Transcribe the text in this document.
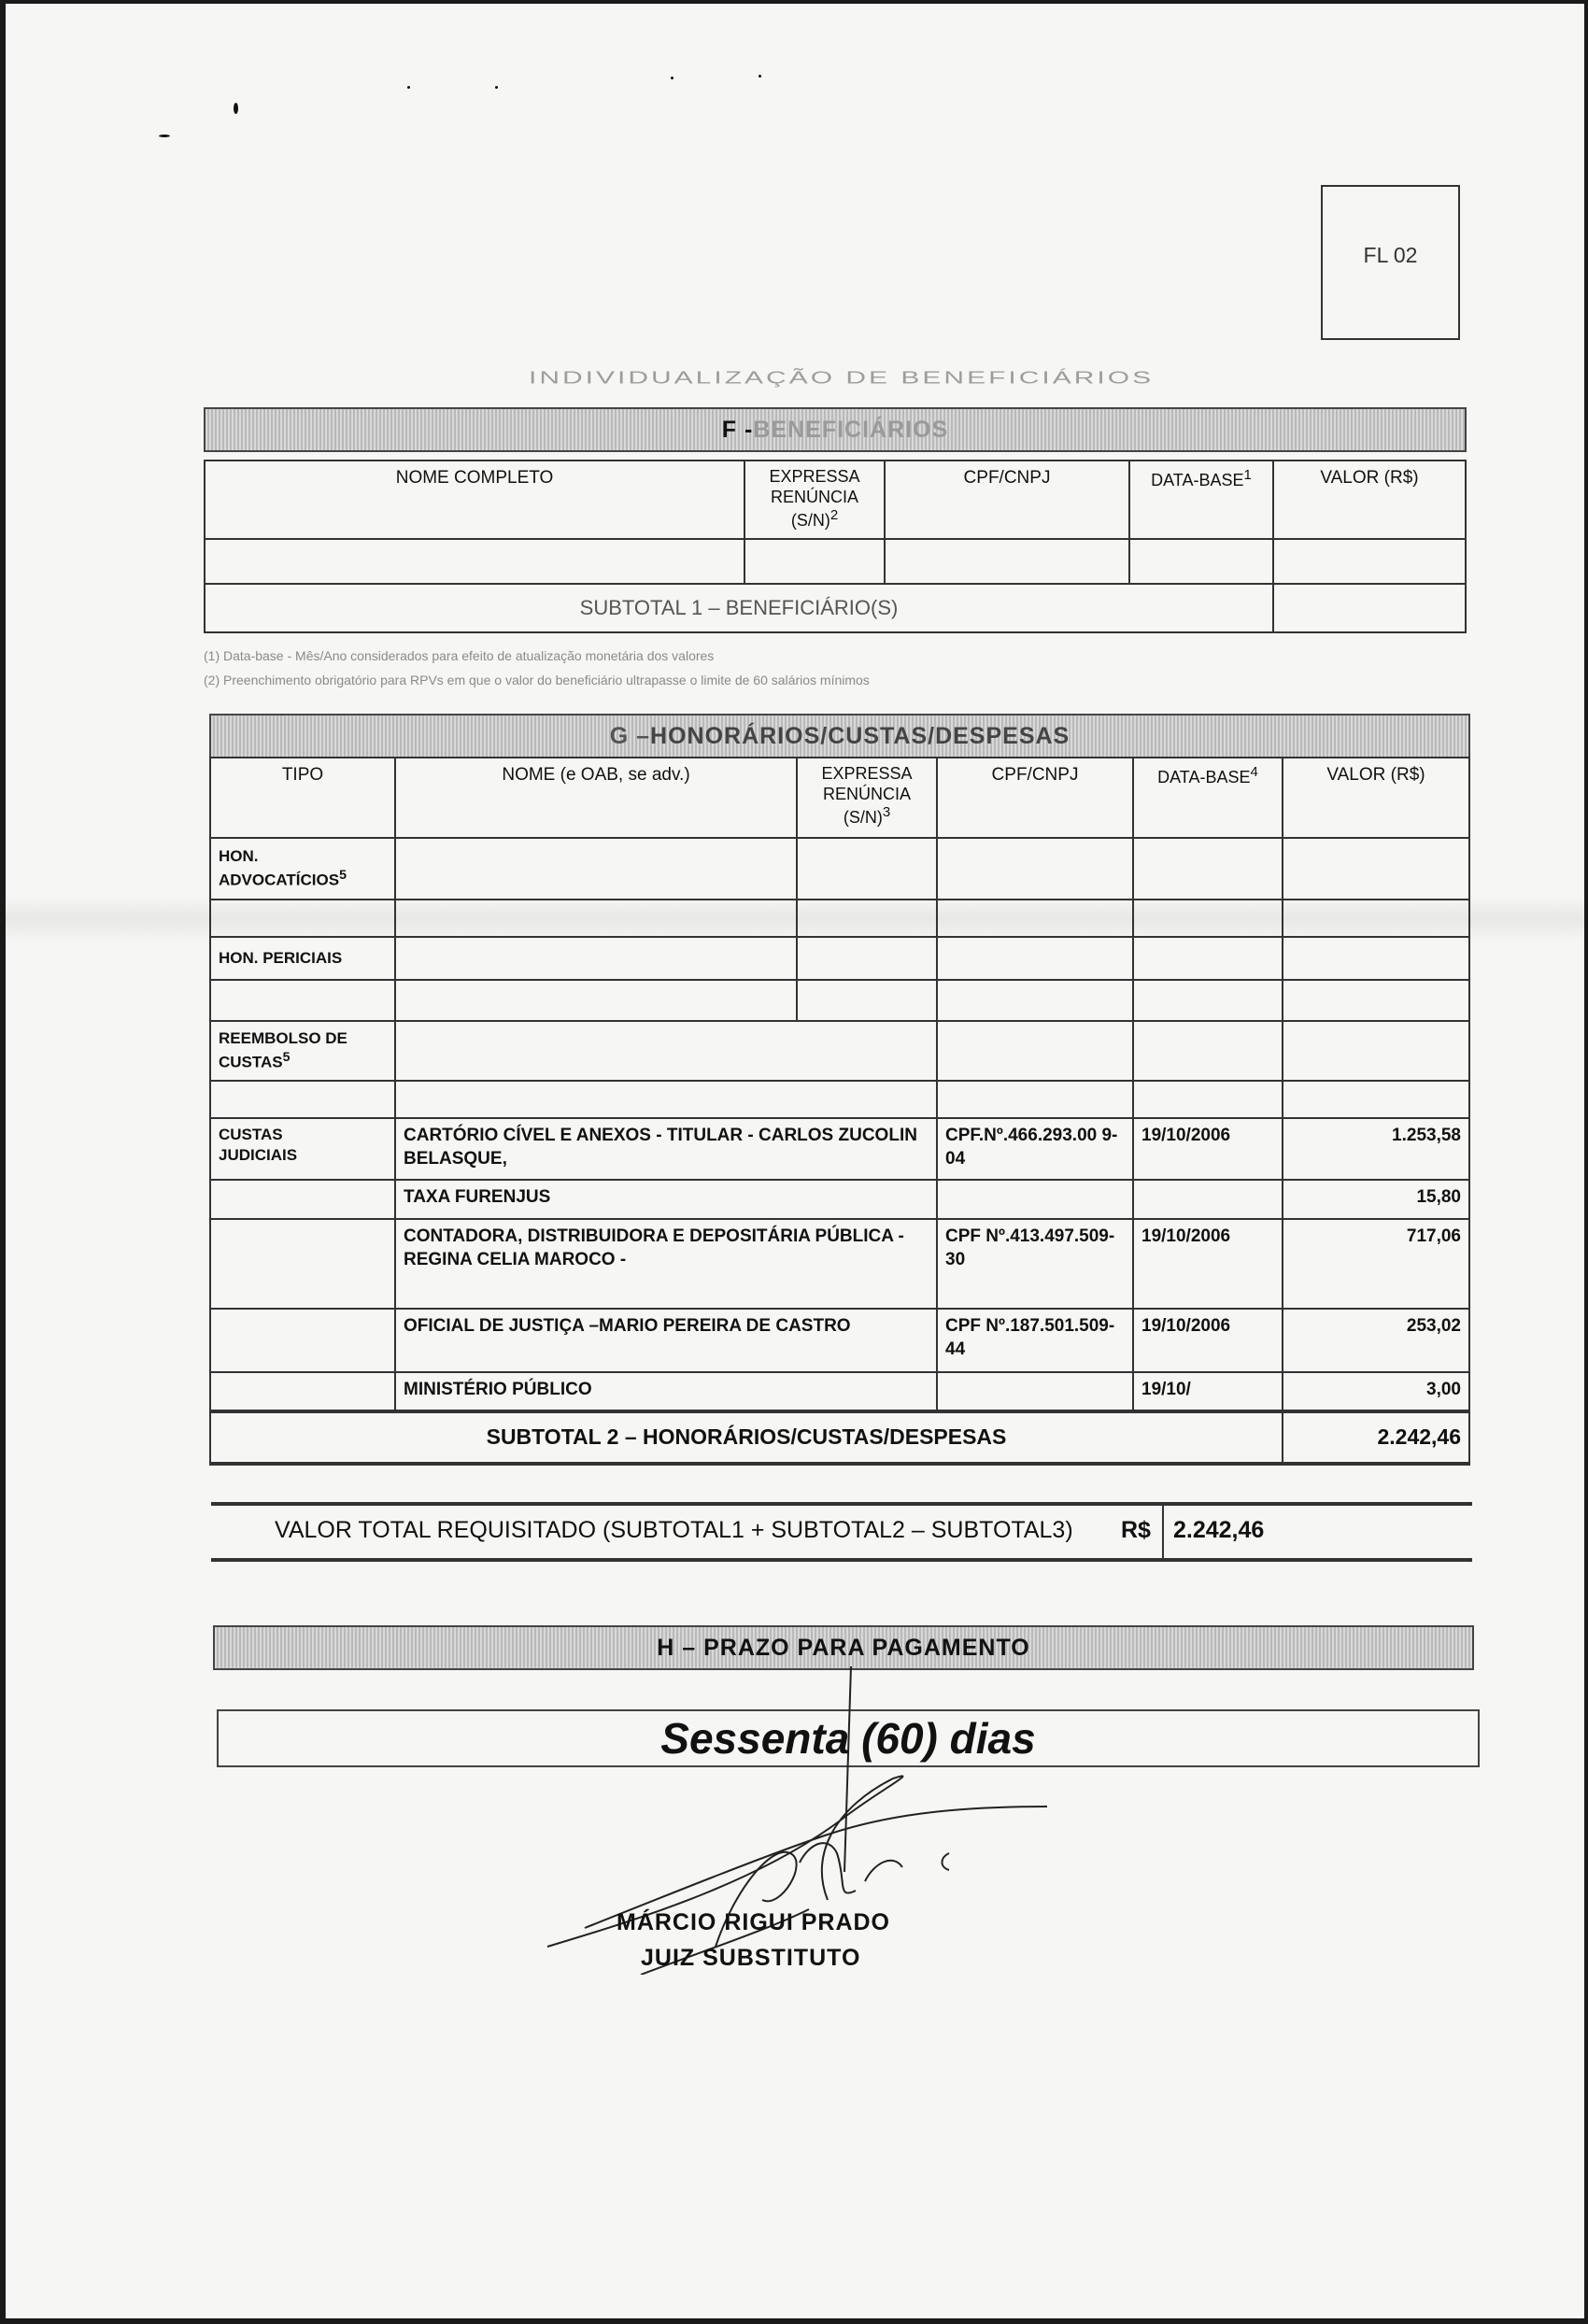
FL 02
INDIVIDUALIZAÇÃO DE BENEFICIÁRIOS
F - BENEFICIÁRIOS
NOME COMPLETO	EXPRESSA
RENÚNCIA
$(S/N)^2$	CPF/CNPJ	DATA-BASE$^1$	VALOR (R$)

SUBTOTAL 1 – BENEFICIÁRIO(S)				
(1) Data-base - Mês/Ano considerados para efeito de atualização monetária dos valores
(2) Preenchimento obrigatório para RPVs em que o valor do beneficiário ultrapasse o limite de 60 salários mínimos
G – HONORÁRIOS/CUSTAS/DESPESAS
TIPO	NOME (e OAB, se adv.)	EXPRESSA
RENÚNCIA
$(S/N)^3$	CPF/CNPJ	DATA-BASE$^4$	VALOR (R$)
HON.
ADVOCATÍCIOS$^5$					

HON. PERICIAIS					

REEMBOLSO DE
CUSTAS$^5$				

CUSTAS
JUDICIAIS	CARTÓRIO CÍVEL E ANEXOS - TITULAR - CARLOS ZUCOLIN BELASQUE,		CPF.Nº.466.293.00 9-04	19/10/2006	1.253,58
	TAXA FURENJUS				15,80
	CONTADORA, DISTRIBUIDORA E DEPOSITÁRIA PÚBLICA - REGINA CELIA MAROCO -		CPF Nº.413.497.509-30	19/10/2006	717,06
	OFICIAL DE JUSTIÇA –MARIO PEREIRA DE CASTRO		CPF Nº.187.501.509-44	19/10/2006	253,02
	MINISTÉRIO PÚBLICO			19/10/	3,00
SUBTOTAL 2 – HONORÁRIOS/CUSTAS/DESPESAS					2.242,46
VALOR TOTAL REQUISITADO (SUBTOTAL1 + SUBTOTAL2 – SUBTOTAL3) R$ 2.242,46
H – PRAZO PARA PAGAMENTO
Sessenta (60) dias
MÁRCIO RIGUI PRADO
JUIZ SUBSTITUTO
